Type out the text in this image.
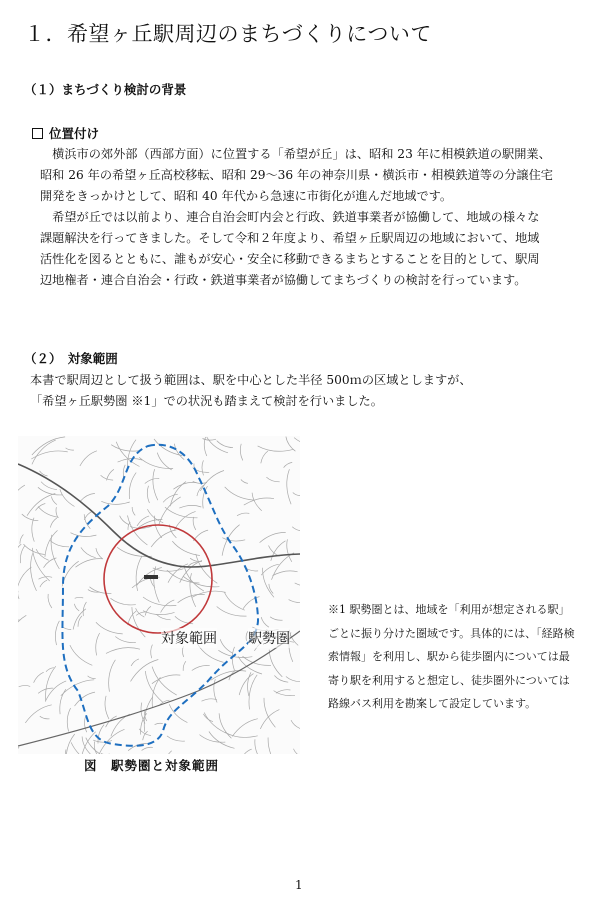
１．希望ヶ丘駅周辺のまちづくりについて
（１）まちづくり検討の背景
位置付け
　横浜市の郊外部（西部方面）に位置する「希望が丘」は、昭和 23 年に相模鉄道の駅開業、
昭和 26 年の希望ヶ丘高校移転、昭和 29～36 年の神奈川県・横浜市・相模鉄道等の分譲住宅
開発をきっかけとして、昭和 40 年代から急速に市街化が進んだ地域です。
　希望が丘では以前より、連合自治会町内会と行政、鉄道事業者が協働して、地域の様々な
課題解決を行ってきました。そして令和２年度より、希望ヶ丘駅周辺の地域において、地域
活性化を図るとともに、誰もが安心・安全に移動できるまちとすることを目的として、駅周
辺地権者・連合自治会・行政・鉄道事業者が協働してまちづくりの検討を行っています。
（２）　対象範囲
本書で駅周辺として扱う範囲は、駅を中心とした半径 500ｍの区域としますが、
「希望ヶ丘駅勢圏 ※1」での状況も踏まえて検討を行いました。
対象範囲 駅勢圏
図　駅勢圏と対象範囲
※1 駅勢圏とは、地域を「利用が想定される駅」
ごとに振り分けた圏域です。具体的には、「経路検
索情報」を利用し、駅から徒歩圏内については最
寄り駅を利用すると想定し、徒歩圏外については
路線バス利用を勘案して設定しています。
1
